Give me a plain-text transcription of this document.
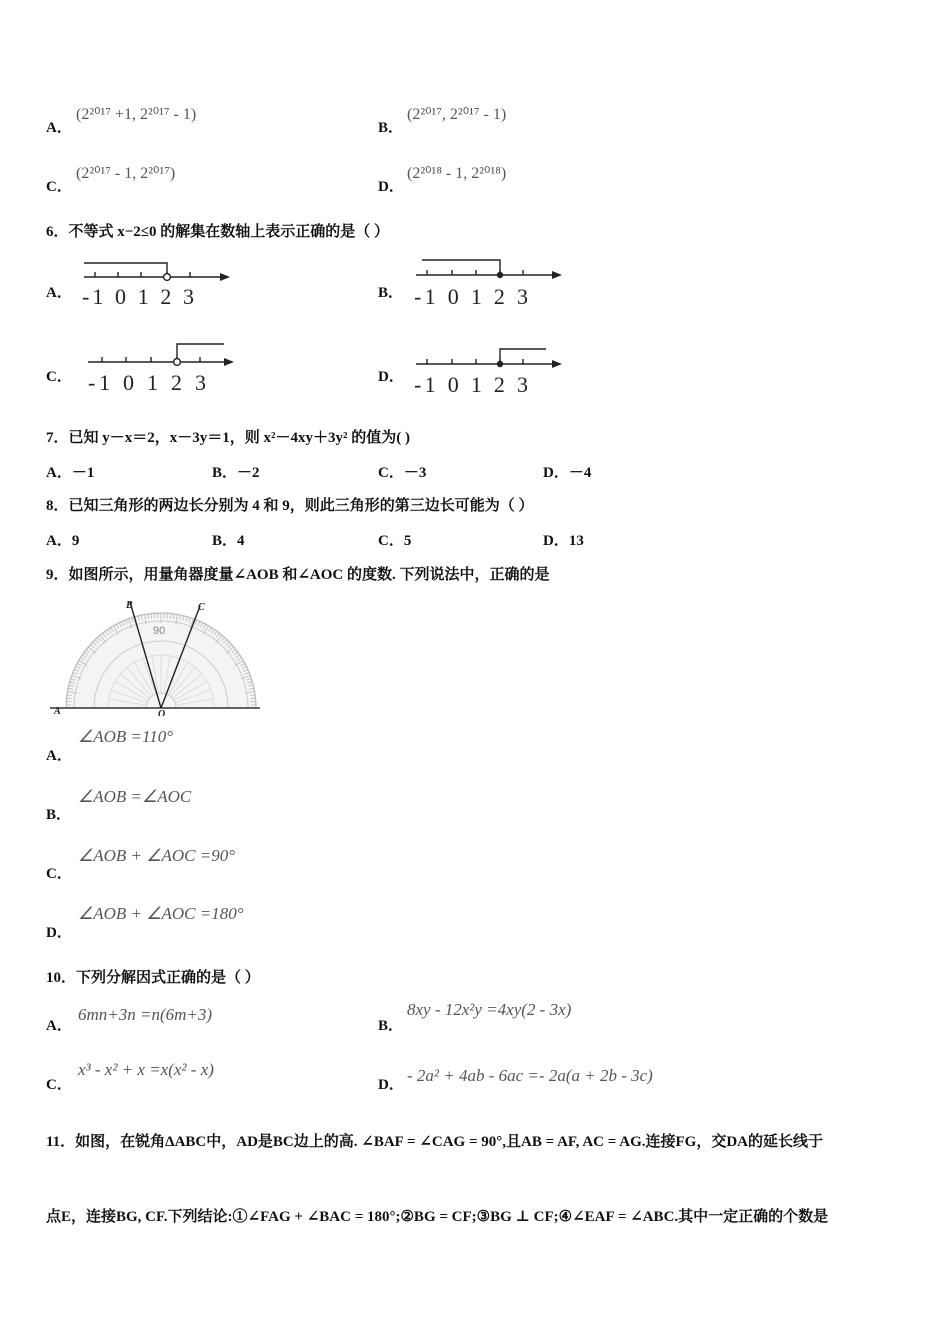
A．
(2²⁰¹⁷ +1, 2²⁰¹⁷ - 1)
B．
(2²⁰¹⁷, 2²⁰¹⁷ - 1)
C．
(2²⁰¹⁷ - 1, 2²⁰¹⁷)
D．
(2²⁰¹⁸ - 1, 2²⁰¹⁸)
6．不等式 x−2≤0 的解集在数轴上表示正确的是（ ）
A． -1 0 1 2 3	B． -1 0 1 2 3
C． -1 0 1 2 3	D． -1 0 1 2 3
7．已知 y－x＝2，x－3y＝1，则 x²－4xy＋3y² 的值为( )
A．－1	B．－2	C．－3	D．－4
8．已知三角形的两边长分别为 4 和 9，则此三角形的第三边长可能为（ ）
A．9	B．4	C．5	D．13
9．如图所示，用量角器度量∠AOB 和∠AOC 的度数. 下列说法中，正确的是
90
A	O
B	C
A．
∠AOB =110°
B．
∠AOB =∠AOC
C．
∠AOB + ∠AOC =90°
D．
∠AOB + ∠AOC =180°
10．下列分解因式正确的是（ ）
A．
6mn+3n =n(6m+3)
B．
8xy - 12x²y =4xy(2 - 3x)
C．
x³ - x² + x =x(x² - x)
D． - 2a² + 4ab - 6ac =- 2a(a + 2b - 3c)
11．如图，在锐角ΔABC中，AD是BC边上的高. ∠BAF = ∠CAG = 90°,且AB = AF, AC = AG.连接FG，交DA的延长线于
点E，连接BG, CF.下列结论:①∠FAG + ∠BAC = 180°;②BG = CF;③BG ⊥ CF;④∠EAF = ∠ABC.其中一定正确的个数是
